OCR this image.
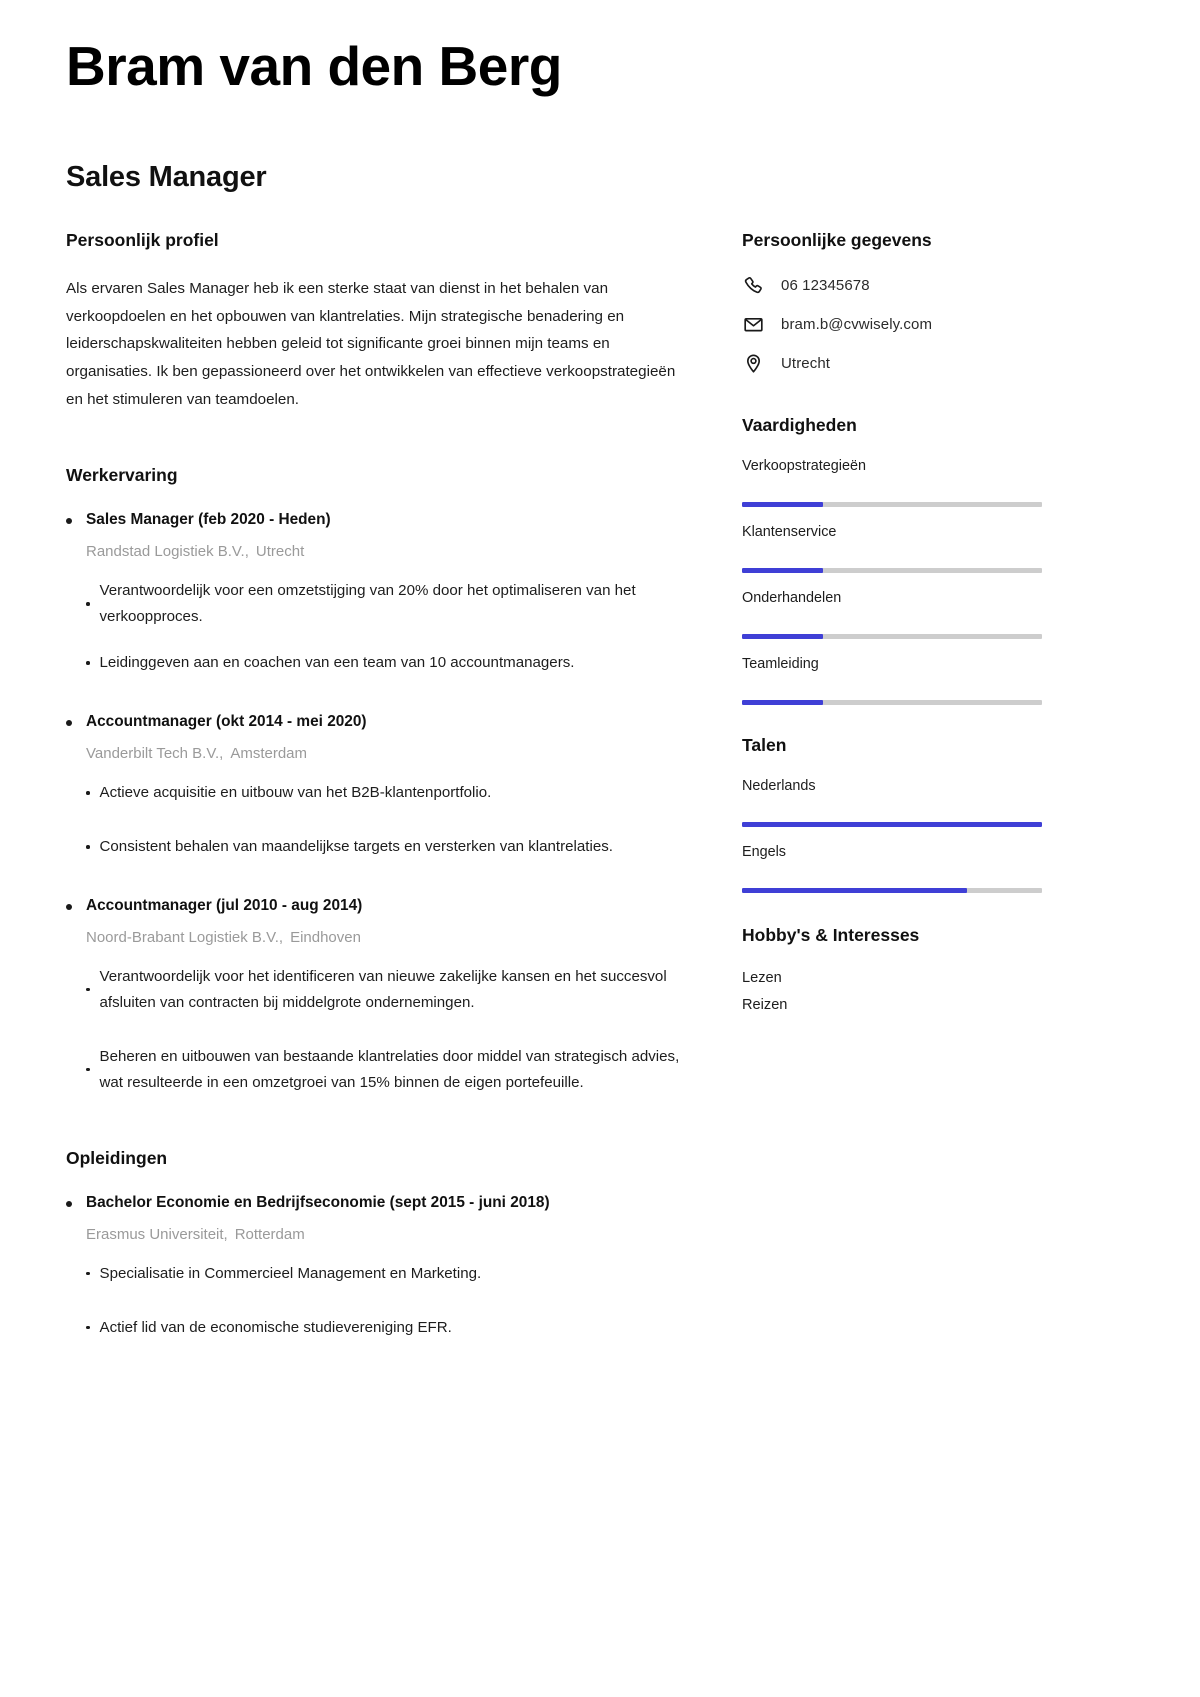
Bram van den Berg
Sales Manager
Persoonlijk profiel

Als ervaren Sales Manager heb ik een sterke staat van dienst in het behalen van verkoopdoelen en het opbouwen van klantrelaties. Mijn strategische benadering en leiderschapskwaliteiten hebben geleid tot significante groei binnen mijn teams en organisaties. Ik ben gepassioneerd over het ontwikkelen van effectieve verkoopstrategieën en het stimuleren van teamdoelen.

Werkervaring
Sales Manager (feb 2020 - Heden)
Randstad Logistiek B.V., Utrecht
Verantwoordelijk voor een omzetstijging van 20% door het optimaliseren van het verkoopproces.
Leidinggeven aan en coachen van een team van 10 accountmanagers.
Accountmanager (okt 2014 - mei 2020)
Vanderbilt Tech B.V., Amsterdam
Actieve acquisitie en uitbouw van het B2B-klantenportfolio.
Consistent behalen van maandelijkse targets en versterken van klantrelaties.
Accountmanager (jul 2010 - aug 2014)
Noord-Brabant Logistiek B.V., Eindhoven
Verantwoordelijk voor het identificeren van nieuwe zakelijke kansen en het succesvol afsluiten van contracten bij middelgrote ondernemingen.
Beheren en uitbouwen van bestaande klantrelaties door middel van strategisch advies, wat resulteerde in een omzetgroei van 15% binnen de eigen portefeuille.
Opleidingen
Bachelor Economie en Bedrijfseconomie (sept 2015 - juni 2018)
Erasmus Universiteit, Rotterdam
Specialisatie in Commercieel Management en Marketing.
Actief lid van de economische studievereniging EFR.
Persoonlijke gegevens
06 12345678
bram.b@cvwisely.com
Utrecht
Vaardigheden
Verkoopstrategieën
Klantenservice
Onderhandelen
Teamleiding
Talen
Nederlands
Engels
Hobby's & Interesses
Lezen
Reizen
